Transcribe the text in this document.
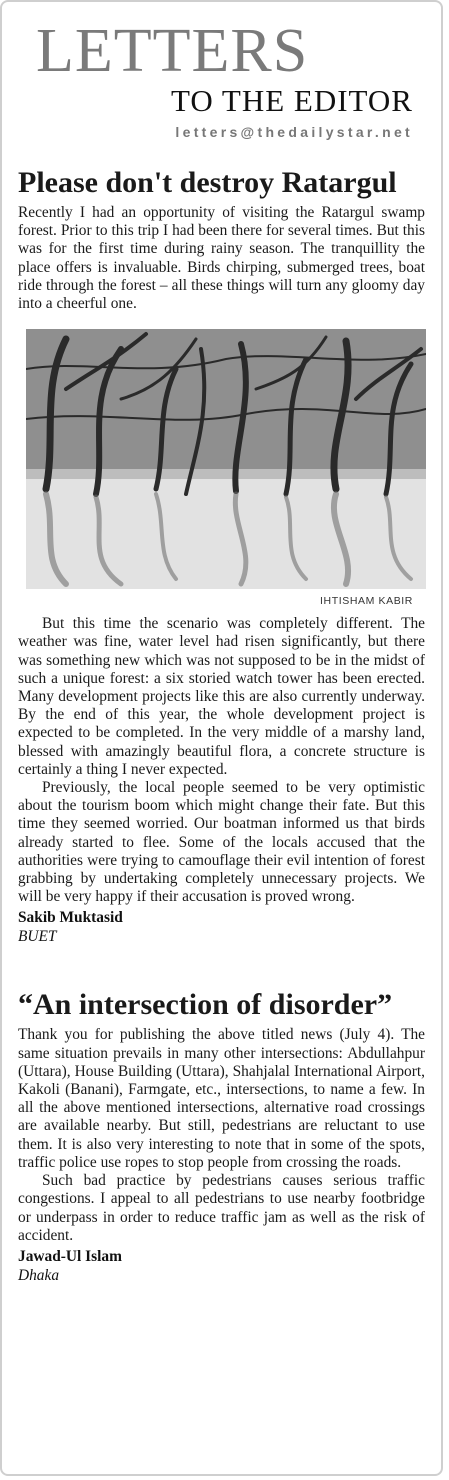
LETTERS
TO THE EDITOR
letters@thedailystar.net
Please don't destroy Ratargul

Recently I had an opportunity of visiting the Ratargul swamp forest. Prior to this trip I had been there for several times. But this was for the first time during rainy season. The tranquillity the place offers is invaluable. Birds chirping, submerged trees, boat ride through the forest – all these things will turn any gloomy day into a cheerful one.

IHTISHAM KABIR

But this time the scenario was completely different. The weather was fine, water level had risen significantly, but there was something new which was not supposed to be in the midst of such a unique forest: a six storied watch tower has been erected. Many development projects like this are also currently underway. By the end of this year, the whole development project is expected to be completed. In the very middle of a marshy land, blessed with amazingly beautiful flora, a concrete structure is certainly a thing I never expected.

Previously, the local people seemed to be very optimistic about the tourism boom which might change their fate. But this time they seemed worried. Our boatman informed us that birds already started to flee. Some of the locals accused that the authorities were trying to camouflage their evil intention of forest grabbing by undertaking completely unnecessary projects. We will be very happy if their accusation is proved wrong.

Sakib Muktasid
BUET
“An intersection of disorder”

Thank you for publishing the above titled news (July 4). The same situation prevails in many other intersections: Abdullahpur (Uttara), House Building (Uttara), Shahjalal International Airport, Kakoli (Banani), Farmgate, etc., intersections, to name a few. In all the above mentioned intersections, alternative road crossings are available nearby. But still, pedestrians are reluctant to use them. It is also very interesting to note that in some of the spots, traffic police use ropes to stop people from crossing the roads.

Such bad practice by pedestrians causes serious traffic congestions. I appeal to all pedestrians to use nearby footbridge or underpass in order to reduce traffic jam as well as the risk of accident.

Jawad-Ul Islam
Dhaka
